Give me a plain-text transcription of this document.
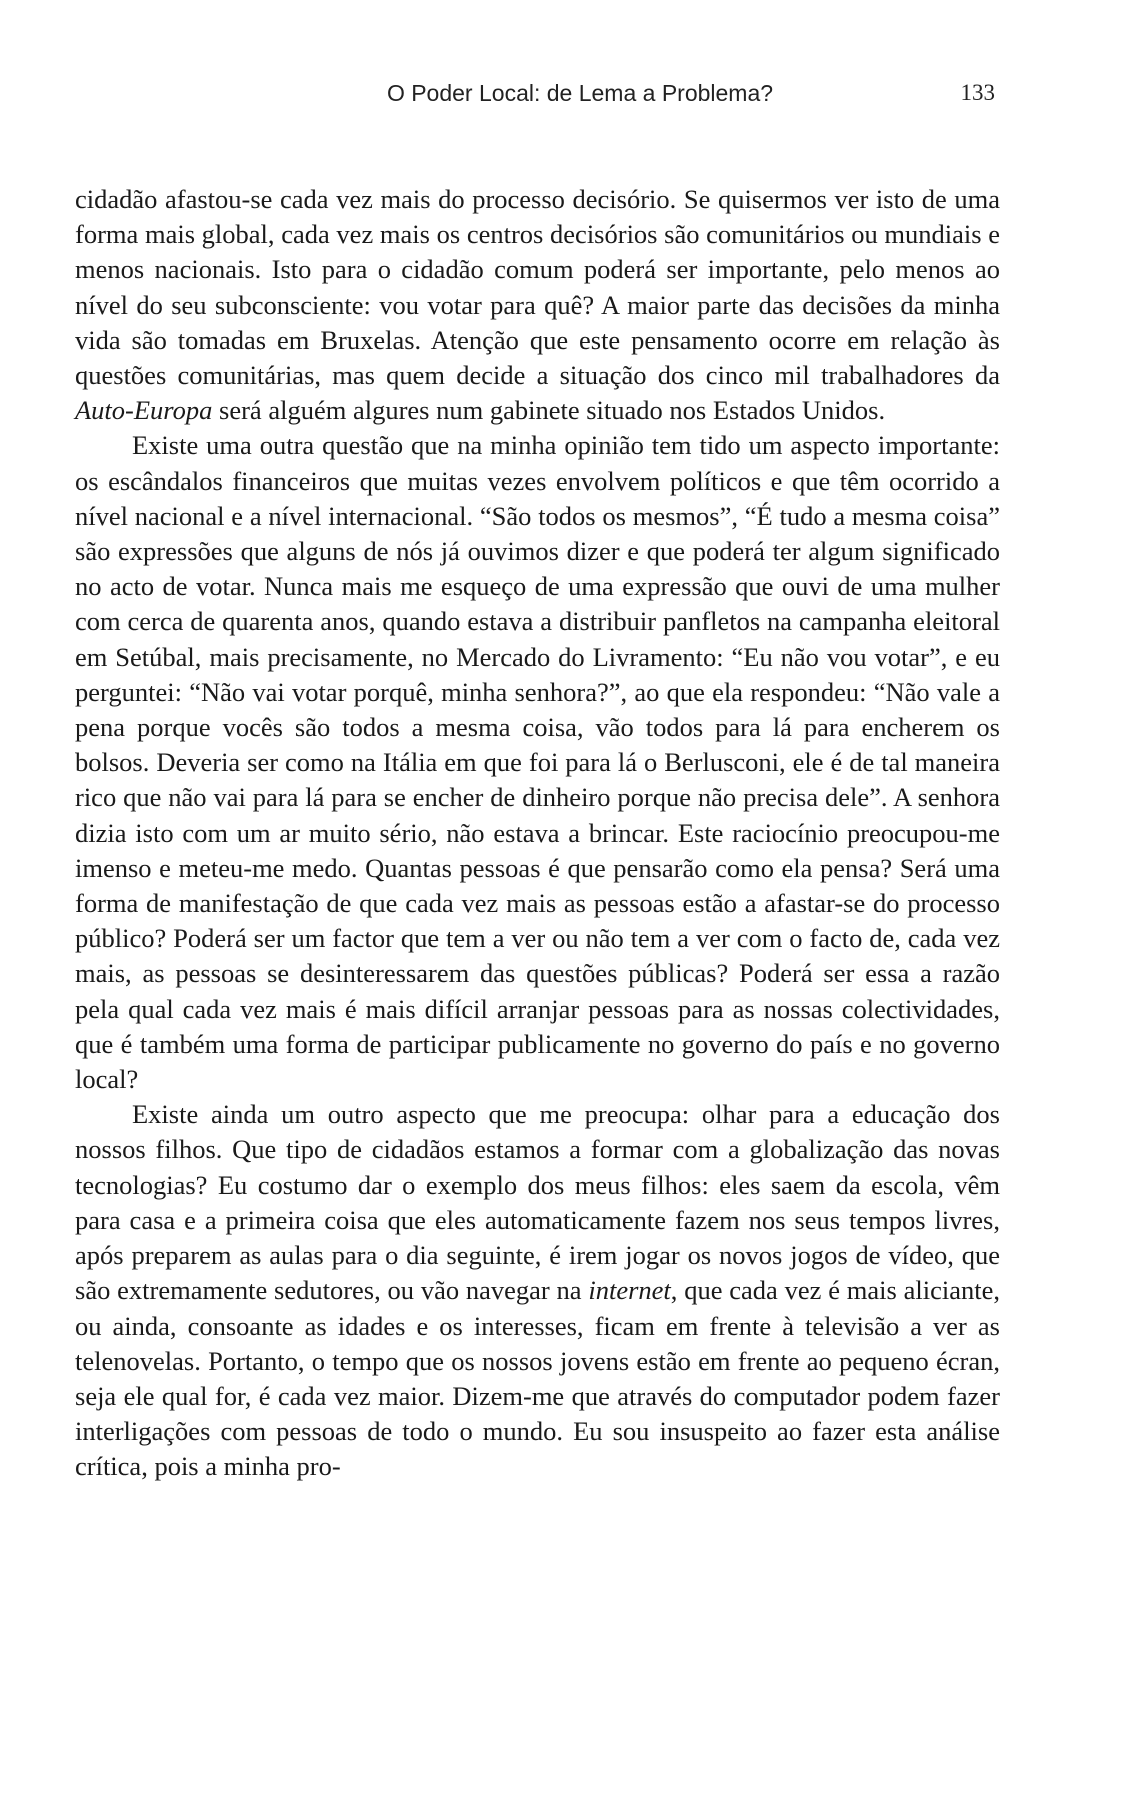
O Poder Local: de Lema a Problema?	133

cidadão afastou-se cada vez mais do processo decisório. Se quisermos ver isto de uma forma mais global, cada vez mais os centros decisórios são comunitários ou mundiais e menos nacionais. Isto para o cidadão comum poderá ser importante, pelo menos ao nível do seu subconsciente: vou votar para quê? A maior parte das decisões da minha vida são tomadas em Bruxelas. Atenção que este pensamento ocorre em relação às questões comunitárias, mas quem decide a situação dos cinco mil trabalhadores da Auto-Europa será alguém algures num gabinete situado nos Estados Unidos.

Existe uma outra questão que na minha opinião tem tido um aspecto importante: os escândalos financeiros que muitas vezes envolvem políticos e que têm ocorrido a nível nacional e a nível internacional. “São todos os mesmos”, “É tudo a mesma coisa” são expressões que alguns de nós já ouvimos dizer e que poderá ter algum significado no acto de votar. Nunca mais me esqueço de uma expressão que ouvi de uma mulher com cerca de quarenta anos, quando estava a distribuir panfletos na campanha eleitoral em Setúbal, mais precisamente, no Mercado do Livramento: “Eu não vou votar”, e eu perguntei: “Não vai votar porquê, minha senhora?”, ao que ela respondeu: “Não vale a pena porque vocês são todos a mesma coisa, vão todos para lá para encherem os bolsos. Deveria ser como na Itália em que foi para lá o Berlusconi, ele é de tal maneira rico que não vai para lá para se encher de dinheiro porque não precisa dele”. A senhora dizia isto com um ar muito sério, não estava a brincar. Este raciocínio preocupou-me imenso e meteu-me medo. Quantas pessoas é que pensarão como ela pensa? Será uma forma de manifestação de que cada vez mais as pessoas estão a afastar-se do processo público? Poderá ser um factor que tem a ver ou não tem a ver com o facto de, cada vez mais, as pessoas se desinteressarem das questões públicas? Poderá ser essa a razão pela qual cada vez mais é mais difícil arranjar pessoas para as nossas colectividades, que é também uma forma de participar publicamente no governo do país e no governo local?

Existe ainda um outro aspecto que me preocupa: olhar para a educação dos nossos filhos. Que tipo de cidadãos estamos a formar com a globalização das novas tecnologias? Eu costumo dar o exemplo dos meus filhos: eles saem da escola, vêm para casa e a primeira coisa que eles automaticamente fazem nos seus tempos livres, após preparem as aulas para o dia seguinte, é irem jogar os novos jogos de vídeo, que são extremamente sedutores, ou vão navegar na internet, que cada vez é mais aliciante, ou ainda, consoante as idades e os interesses, ficam em frente à televisão a ver as telenovelas. Portanto, o tempo que os nossos jovens estão em frente ao pequeno écran, seja ele qual for, é cada vez maior. Dizem-me que através do computador podem fazer interligações com pessoas de todo o mundo. Eu sou insuspeito ao fazer esta análise crítica, pois a minha pro-
